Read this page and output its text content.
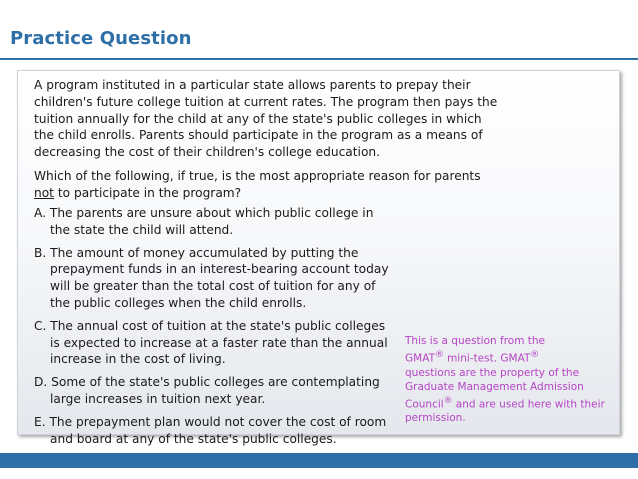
Practice Question

A program instituted in a particular state allows parents to prepay their children's future college tuition at current rates. The program then pays the tuition annually for the child at any of the state's public colleges in which the child enrolls. Parents should participate in the program as a means of decreasing the cost of their children's college education.

Which of the following, if true, is the most appropriate reason for parents not to participate in the program?

A. The parents are unsure about which public college in the state the child will attend.
B. The amount of money accumulated by putting the prepayment funds in an interest-bearing account today will be greater than the total cost of tuition for any of the public colleges when the child enrolls.
C. The annual cost of tuition at the state's public colleges is expected to increase at a faster rate than the annual increase in the cost of living.
D. Some of the state's public colleges are contemplating large increases in tuition next year.
E. The prepayment plan would not cover the cost of room and board at any of the state's public colleges.
This is a question from the
GMAT® mini-test. GMAT®
questions are the property of the Graduate Management Admission Council® and are used here with their permission.
